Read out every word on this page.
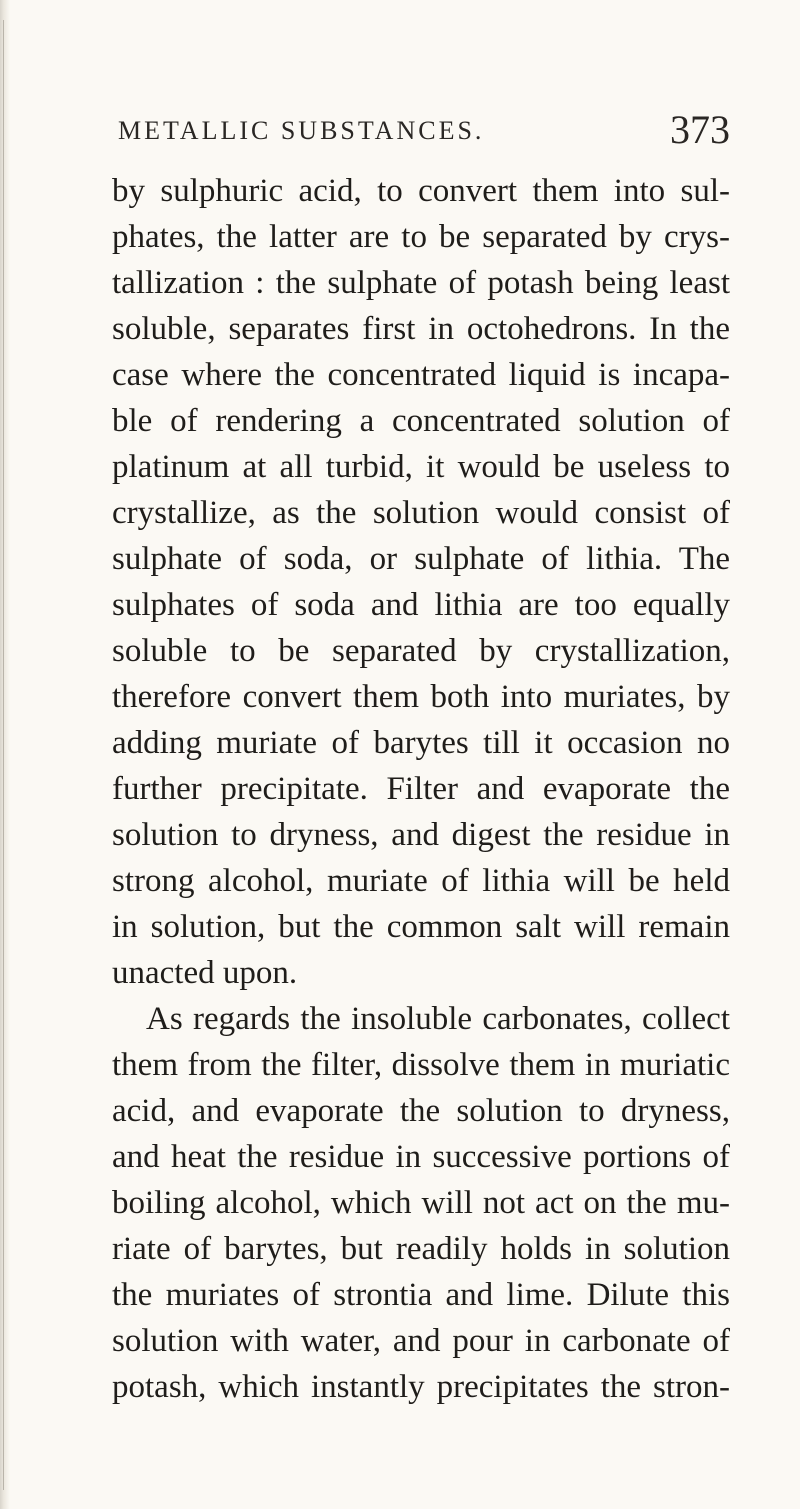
METALLIC SUBSTANCES.	373
by sulphuric acid, to convert them into sul-
phates, the latter are to be separated by crys-
tallization : the sulphate of potash being least
soluble, separates first in octohedrons. In the
case where the concentrated liquid is incapa-
ble of rendering a concentrated solution of
platinum at all turbid, it would be useless to
crystallize, as the solution would consist of
sulphate of soda, or sulphate of lithia. The
sulphates of soda and lithia are too equally
soluble to be separated by crystallization,
therefore convert them both into muriates, by
adding muriate of barytes till it occasion no
further precipitate. Filter and evaporate the
solution to dryness, and digest the residue in
strong alcohol, muriate of lithia will be held
in solution, but the common salt will remain
unacted upon.
As regards the insoluble carbonates, collect
them from the filter, dissolve them in muriatic
acid, and evaporate the solution to dryness,
and heat the residue in successive portions of
boiling alcohol, which will not act on the mu-
riate of barytes, but readily holds in solution
the muriates of strontia and lime. Dilute this
solution with water, and pour in carbonate of
potash, which instantly precipitates the stron-
